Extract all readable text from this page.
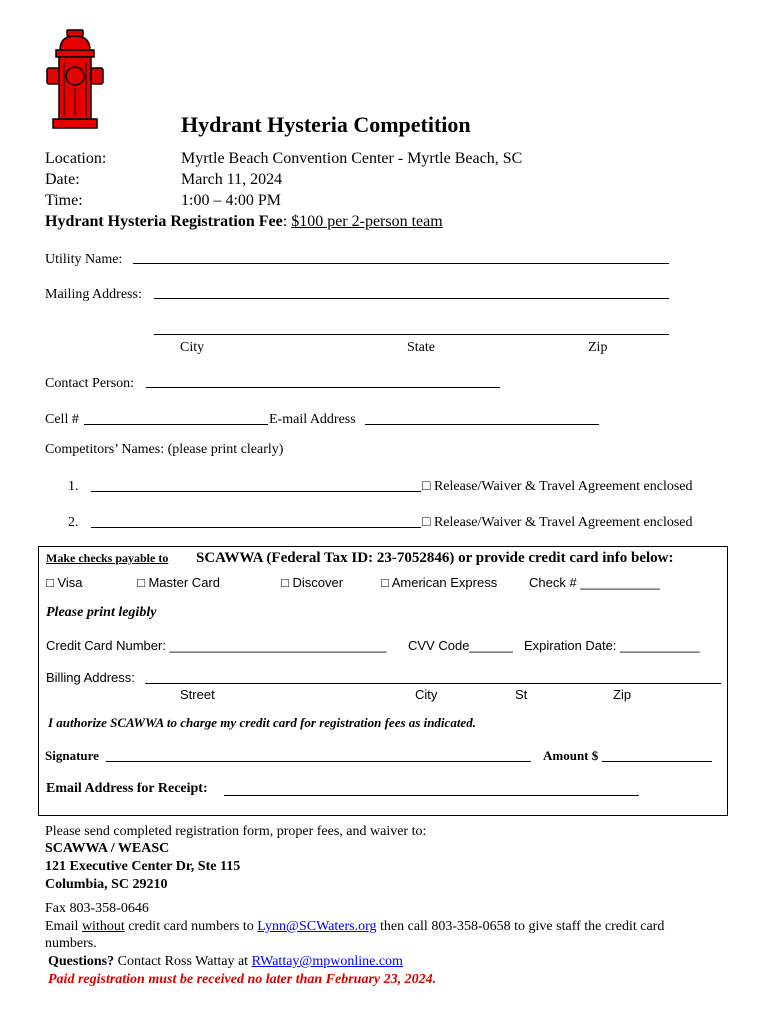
Hydrant Hysteria Competition
Location:	Myrtle Beach Convention Center - Myrtle Beach, SC
Date:	March 11, 2024
Time:	1:00 – 4:00 PM
Hydrant Hysteria Registration Fee: $100 per 2-person team
Utility Name:
Mailing Address:
City	State	Zip
Contact Person:
Cell #	E-mail Address
Competitors’ Names: (please print clearly)
1.	□ Release/Waiver & Travel Agreement enclosed
2.	□ Release/Waiver & Travel Agreement enclosed
Make checks payable to SCAWWA (Federal Tax ID: 23-7052846) or provide credit card info below:
□ Visa	□ Master Card	□ Discover	□ American Express Check # ___________
Please print legibly
Credit Card Number: ______________________________ CVV Code______ Expiration Date: ___________
Billing Address:
Street	City	St	Zip
I authorize SCAWWA to charge my credit card for registration fees as indicated.
Signature	Amount $
Email Address for Receipt:
Please send completed registration form, proper fees, and waiver to:
SCAWWA / WEASC
121 Executive Center Dr, Ste 115
Columbia, SC 29210
Fax 803-358-0646
Email without credit card numbers to Lynn@SCWaters.org then call 803-358-0658 to give staff the credit card
numbers.
Questions? Contact Ross Wattay at RWattay@mpwonline.com
Paid registration must be received no later than February 23, 2024.
